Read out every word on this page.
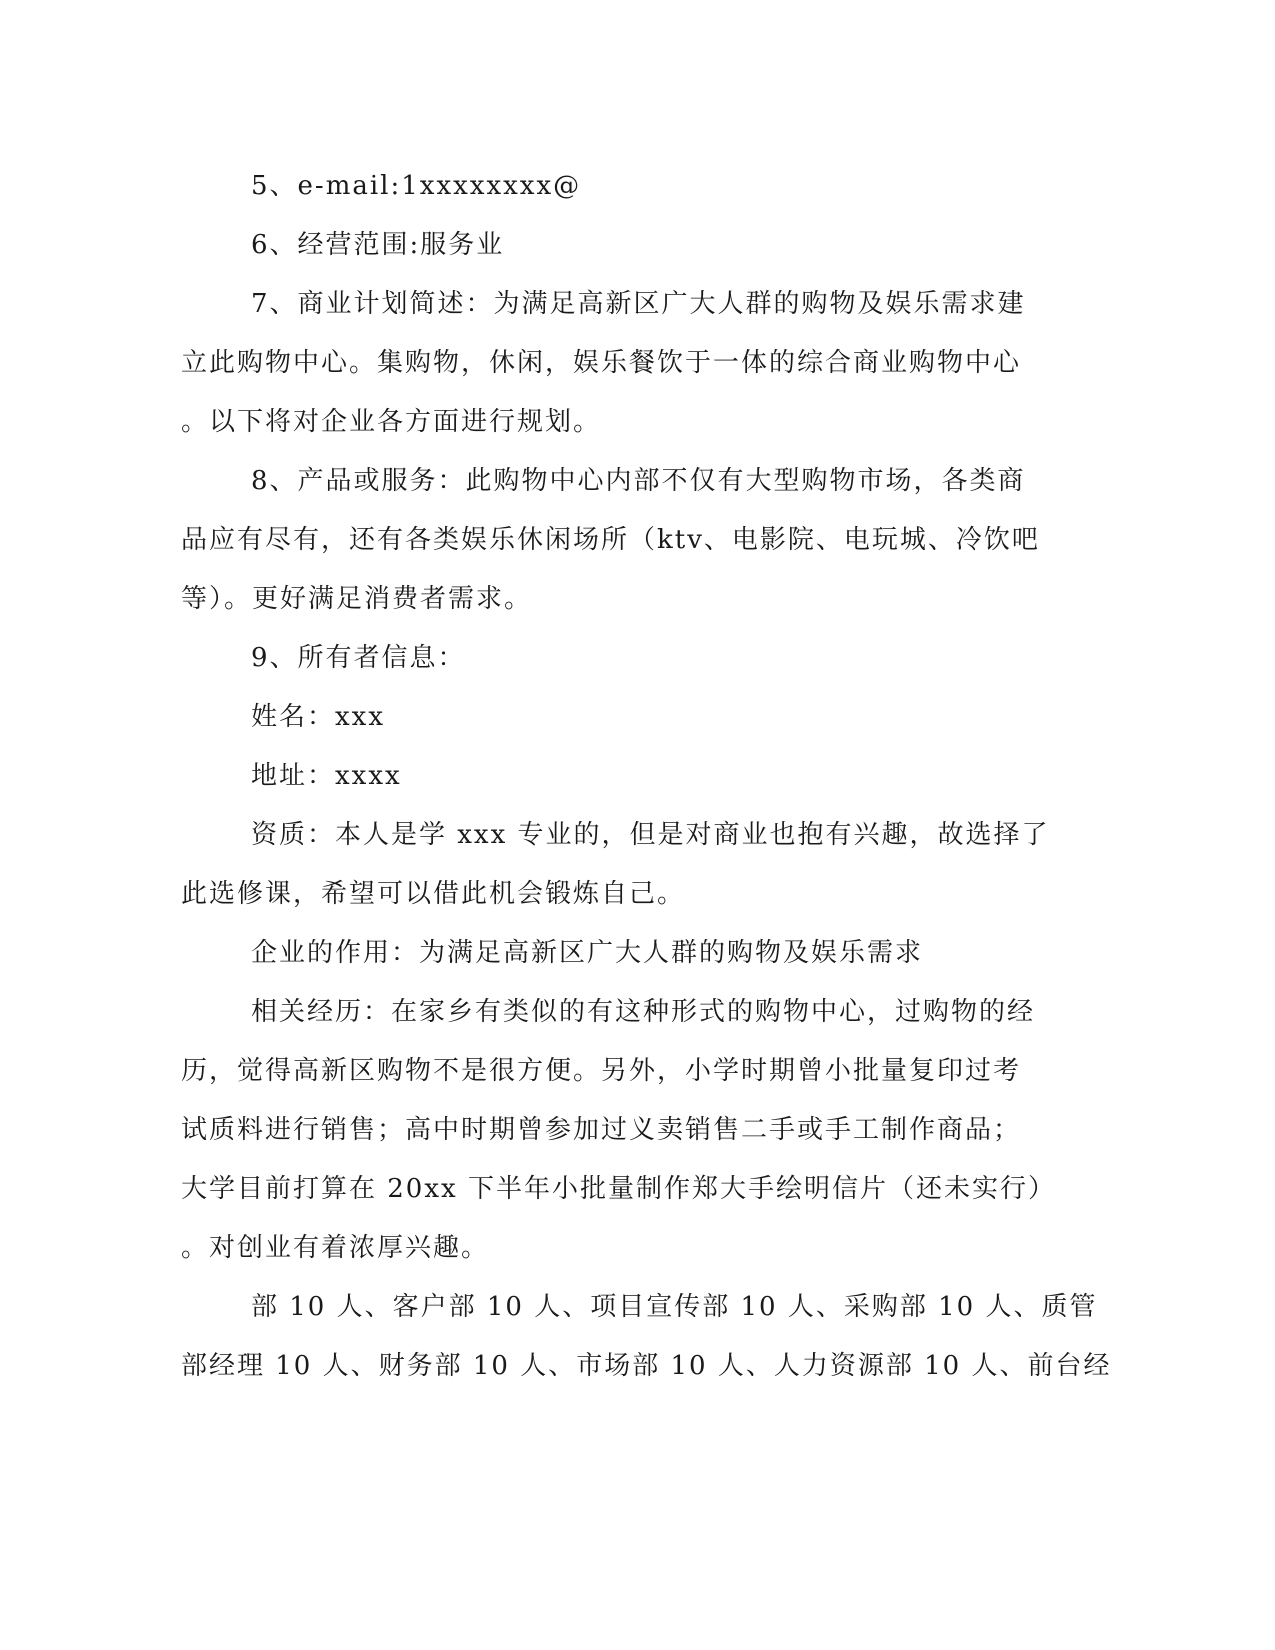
5、e-mail:1xxxxxxxx@

6、经营范围:服务业

7、商业计划简述：为满足高新区广大人群的购物及娱乐需求建

立此购物中心。集购物，休闲，娱乐餐饮于一体的综合商业购物中心

。以下将对企业各方面进行规划。

8、产品或服务：此购物中心内部不仅有大型购物市场，各类商

品应有尽有，还有各类娱乐休闲场所（ktv、电影院、电玩城、冷饮吧

等）。更好满足消费者需求。

9、所有者信息：

姓名：xxx

地址：xxxx

资质：本人是学 xxx 专业的，但是对商业也抱有兴趣，故选择了

此选修课，希望可以借此机会锻炼自己。

企业的作用：为满足高新区广大人群的购物及娱乐需求

相关经历：在家乡有类似的有这种形式的购物中心，过购物的经

历，觉得高新区购物不是很方便。另外，小学时期曾小批量复印过考

试质料进行销售；高中时期曾参加过义卖销售二手或手工制作商品；

大学目前打算在 20xx 下半年小批量制作郑大手绘明信片（还未实行）

。对创业有着浓厚兴趣。

部 10 人、客户部 10 人、项目宣传部 10 人、采购部 10 人、质管

部经理 10 人、财务部 10 人、市场部 10 人、人力资源部 10 人、前台经
